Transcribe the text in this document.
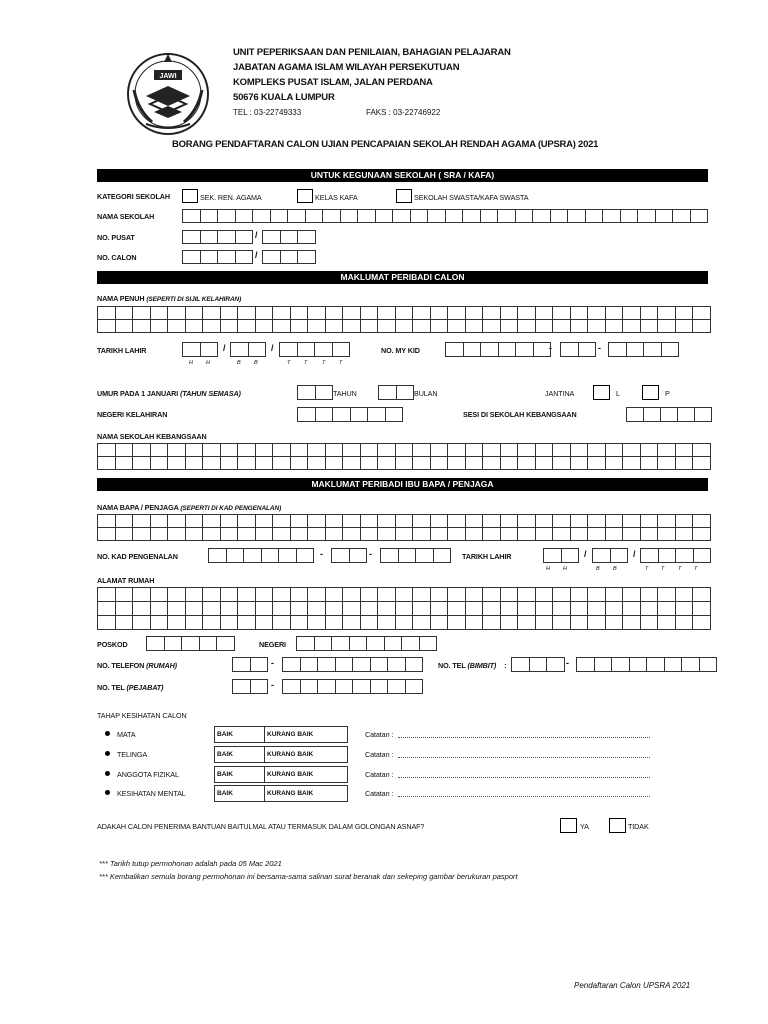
JAWI
UNIT PEPERIKSAAN DAN PENILAIAN, BAHAGIAN PELAJARAN
JABATAN AGAMA ISLAM WILAYAH PERSEKUTUAN
KOMPLEKS PUSAT ISLAM, JALAN PERDANA
50676 KUALA LUMPUR
TEL : 03-22749333	FAKS : 03-22746922
BORANG PENDAFTARAN CALON UJIAN PENCAPAIAN SEKOLAH RENDAH AGAMA (UPSRA) 2021
UNTUK KEGUNAAN SEKOLAH ( SRA / KAFA)
KATEGORI SEKOLAH	SEK. REN. AGAMA	KELAS KAFA	SEKOLAH SWASTA/KAFA SWASTA
NAMA SEKOLAH
NO. PUSAT	/
NO. CALON	/
MAKLUMAT PERIBADI CALON
NAMA PENUH (SEPERTI DI SIJIL KELAHIRAN)
TARIKH LAHIR	/	/
H H	B B	T T	T T
NO. MY KID	-	-
UMUR PADA 1 JANUARI (TAHUN SEMASA)	TAHUN	BULAN	JANTINA	L	P
NEGERI KELAHIRAN	SESI DI SEKOLAH KEBANGSAAN
NAMA SEKOLAH KEBANGSAAN
MAKLUMAT PERIBADI IBU BAPA / PENJAGA
NAMA BAPA / PENJAGA (SEPERTI DI KAD PENGENALAN)
NO. KAD PENGENALAN	-	-	TARIKH LAHIR	/	/
H H	B B	T T T T
ALAMAT RUMAH
POSKOD	NEGERI
NO. TELEFON (RUMAH)	-	NO. TEL (BIMBIT) :	-
NO. TEL (PEJABAT)	-
TAHAP KESIHATAN CALON
MATA	BAIK	KURANG BAIK	Catatan :
TELINGA	BAIK	KURANG BAIK	Catatan :
ANGGOTA FIZIKAL	BAIK	KURANG BAIK	Catatan :
KESIHATAN MENTAL	BAIK	KURANG BAIK	Catatan :
ADAKAH CALON PENERIMA BANTUAN BAITULMAL ATAU TERMASUK DALAM GOLONGAN ASNAF?	YA	TIDAK
*** Tarikh tutup permohonan adalah pada 05 Mac 2021
*** Kembalikan semula borang permohonan ini bersama-sama salinan surat beranak dan sekeping gambar berukuran pasport
Pendaftaran Calon UPSRA 2021
